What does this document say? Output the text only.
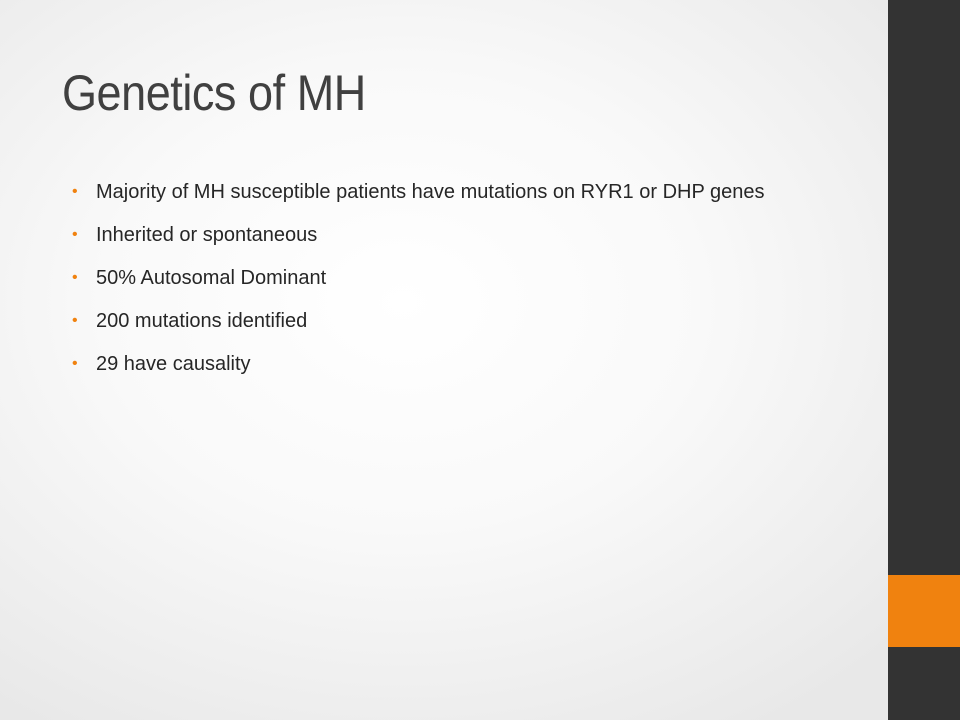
Genetics of MH
• Majority of MH susceptible patients have mutations on RYR1 or DHP genes
• Inherited or spontaneous
• 50% Autosomal Dominant
• 200 mutations identified
• 29 have causality
